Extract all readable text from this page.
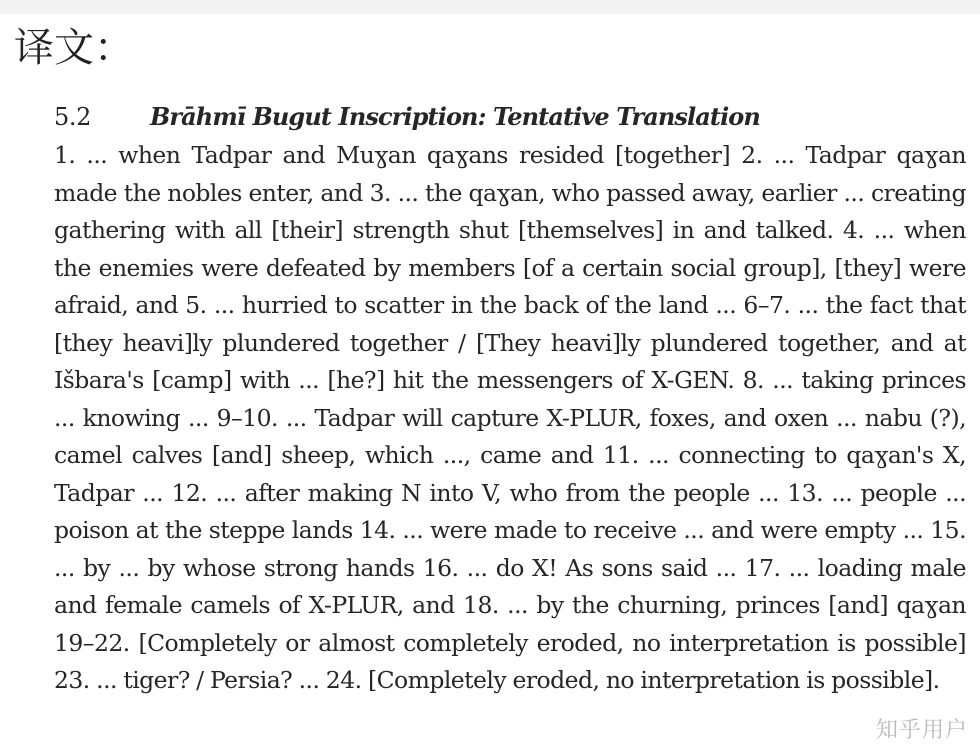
译文：
5.2 Brāhmī Bugut Inscription: Tentative Translation
1. ... when Tadpar and Muɣan qaɣans resided [together] 2. ... Tadpar qaɣan made the nobles enter, and 3. ... the qaɣan, who passed away, earlier ... creating gathering with all [their] strength shut [themselves] in and talked. 4. ... when the enemies were defeated by members [of a certain social group], [they] were afraid, and 5. ... hurried to scatter in the back of the land ... 6–7. ... the fact that [they heavi]ly plundered together / [They heavi]ly plundered together, and at Išbara's [camp] with ... [he?] hit the messengers of X-GEN. 8. ... taking princes ... knowing ... 9–10. ... Tadpar will capture X-PLUR, foxes, and oxen ... nabu (?), camel calves [and] sheep, which ..., came and 11. ... connecting to qaɣan's X, Tadpar ... 12. ... after making N into V, who from the people ... 13. ... people ... poison at the steppe lands 14. ... were made to receive ... and were empty ... 15. ... by ... by whose strong hands 16. ... do X! As sons said ... 17. ... loading male and female camels of X-PLUR, and 18. ... by the churning, princes [and] qaɣan 19–22. [Completely or almost completely eroded, no interpretation is possible] 23. ... tiger? / Persia? ... 24. [Completely eroded, no interpretation is possible].
知乎用户
